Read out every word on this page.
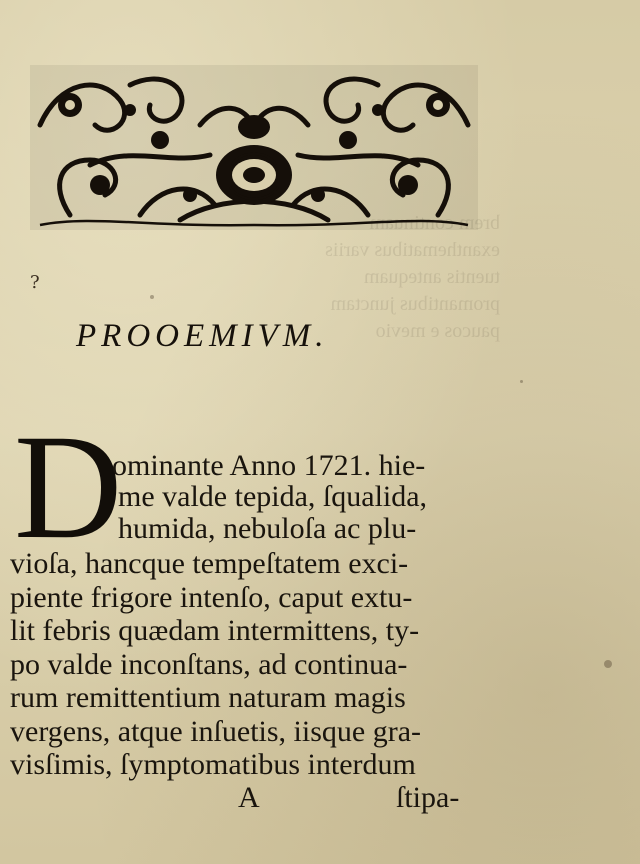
brem continuam
exanthematibus variis
tuentis antequam
promantibus junctam
paucos e mevio
?
PROOEMIVM.
D
ominante Anno 1721. hie-
me valde tepida, ſqualida,
humida, nebuloſa ac plu-
vioſa, hancque tempeſtatem exci-
piente frigore intenſo, caput extu-
lit febris quædam intermittens, ty-
po valde inconſtans, ad continua-
rum remittentium naturam magis
vergens, atque inſuetis, iisque gra-
visſimis, ſymptomatibus interdum
A	ſtipa-
